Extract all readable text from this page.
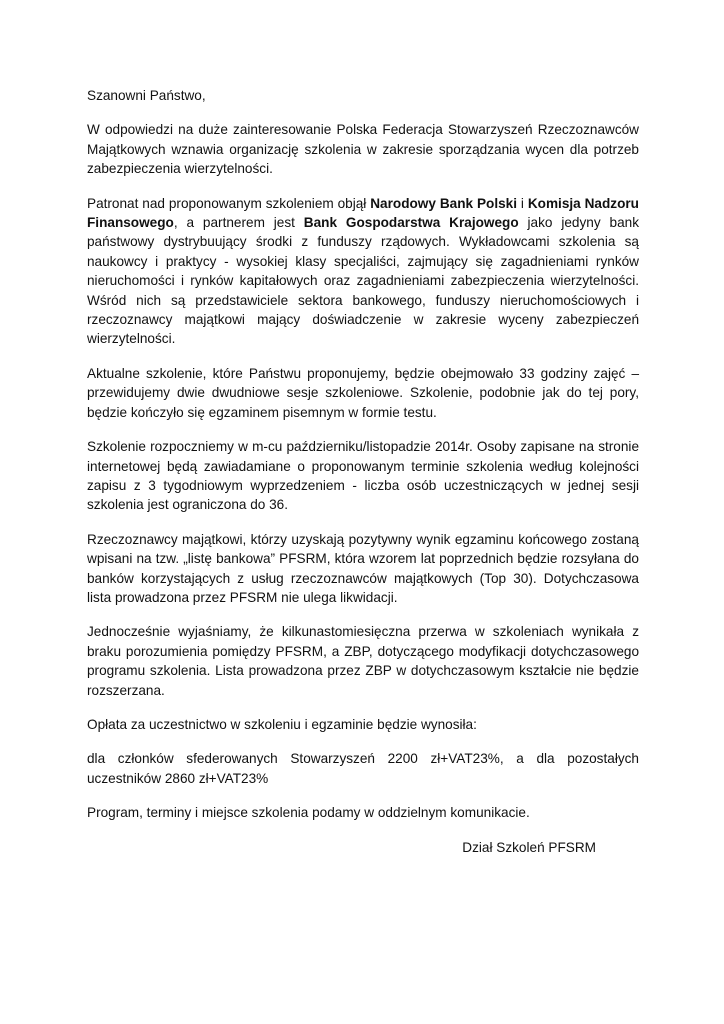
Szanowni Państwo,

W odpowiedzi na duże zainteresowanie Polska Federacja Stowarzyszeń Rzeczoznawców Majątkowych wznawia organizację szkolenia w zakresie sporządzania wycen dla potrzeb zabezpieczenia wierzytelności.

Patronat nad proponowanym szkoleniem objął Narodowy Bank Polski i Komisja Nadzoru Finansowego, a partnerem jest Bank Gospodarstwa Krajowego jako jedyny bank państwowy dystrybuujący środki z funduszy rządowych. Wykładowcami szkolenia są naukowcy i praktycy - wysokiej klasy specjaliści, zajmujący się zagadnieniami rynków nieruchomości i rynków kapitałowych oraz zagadnieniami zabezpieczenia wierzytelności. Wśród nich są przedstawiciele sektora bankowego, funduszy nieruchomościowych i rzeczoznawcy majątkowi mający doświadczenie w zakresie wyceny zabezpieczeń wierzytelności.

Aktualne szkolenie, które Państwu proponujemy, będzie obejmowało 33 godziny zajęć – przewidujemy dwie dwudniowe sesje szkoleniowe. Szkolenie, podobnie jak do tej pory, będzie kończyło się egzaminem pisemnym w formie testu.

Szkolenie rozpoczniemy w m-cu październiku/listopadzie 2014r. Osoby zapisane na stronie internetowej będą zawiadamiane o proponowanym terminie szkolenia według kolejności zapisu z 3 tygodniowym wyprzedzeniem - liczba osób uczestniczących w jednej sesji szkolenia jest ograniczona do 36.

Rzeczoznawcy majątkowi, którzy uzyskają pozytywny wynik egzaminu końcowego zostaną wpisani na tzw. „listę bankowa” PFSRM, która wzorem lat poprzednich będzie rozsyłana do banków korzystających z usług rzeczoznawców majątkowych (Top 30). Dotychczasowa lista prowadzona przez PFSRM nie ulega likwidacji.

Jednocześnie wyjaśniamy, że kilkunastomiesięczna przerwa w szkoleniach wynikała z braku porozumienia pomiędzy PFSRM, a ZBP, dotyczącego modyfikacji dotychczasowego programu szkolenia. Lista prowadzona przez ZBP w dotychczasowym kształcie nie będzie rozszerzana.

Opłata za uczestnictwo w szkoleniu i egzaminie będzie wynosiła:

dla członków sfederowanych Stowarzyszeń 2200 zł+VAT23%, a dla pozostałych uczestników 2860 zł+VAT23%

Program, terminy i miejsce szkolenia podamy w oddzielnym komunikacie.

Dział Szkoleń PFSRM
